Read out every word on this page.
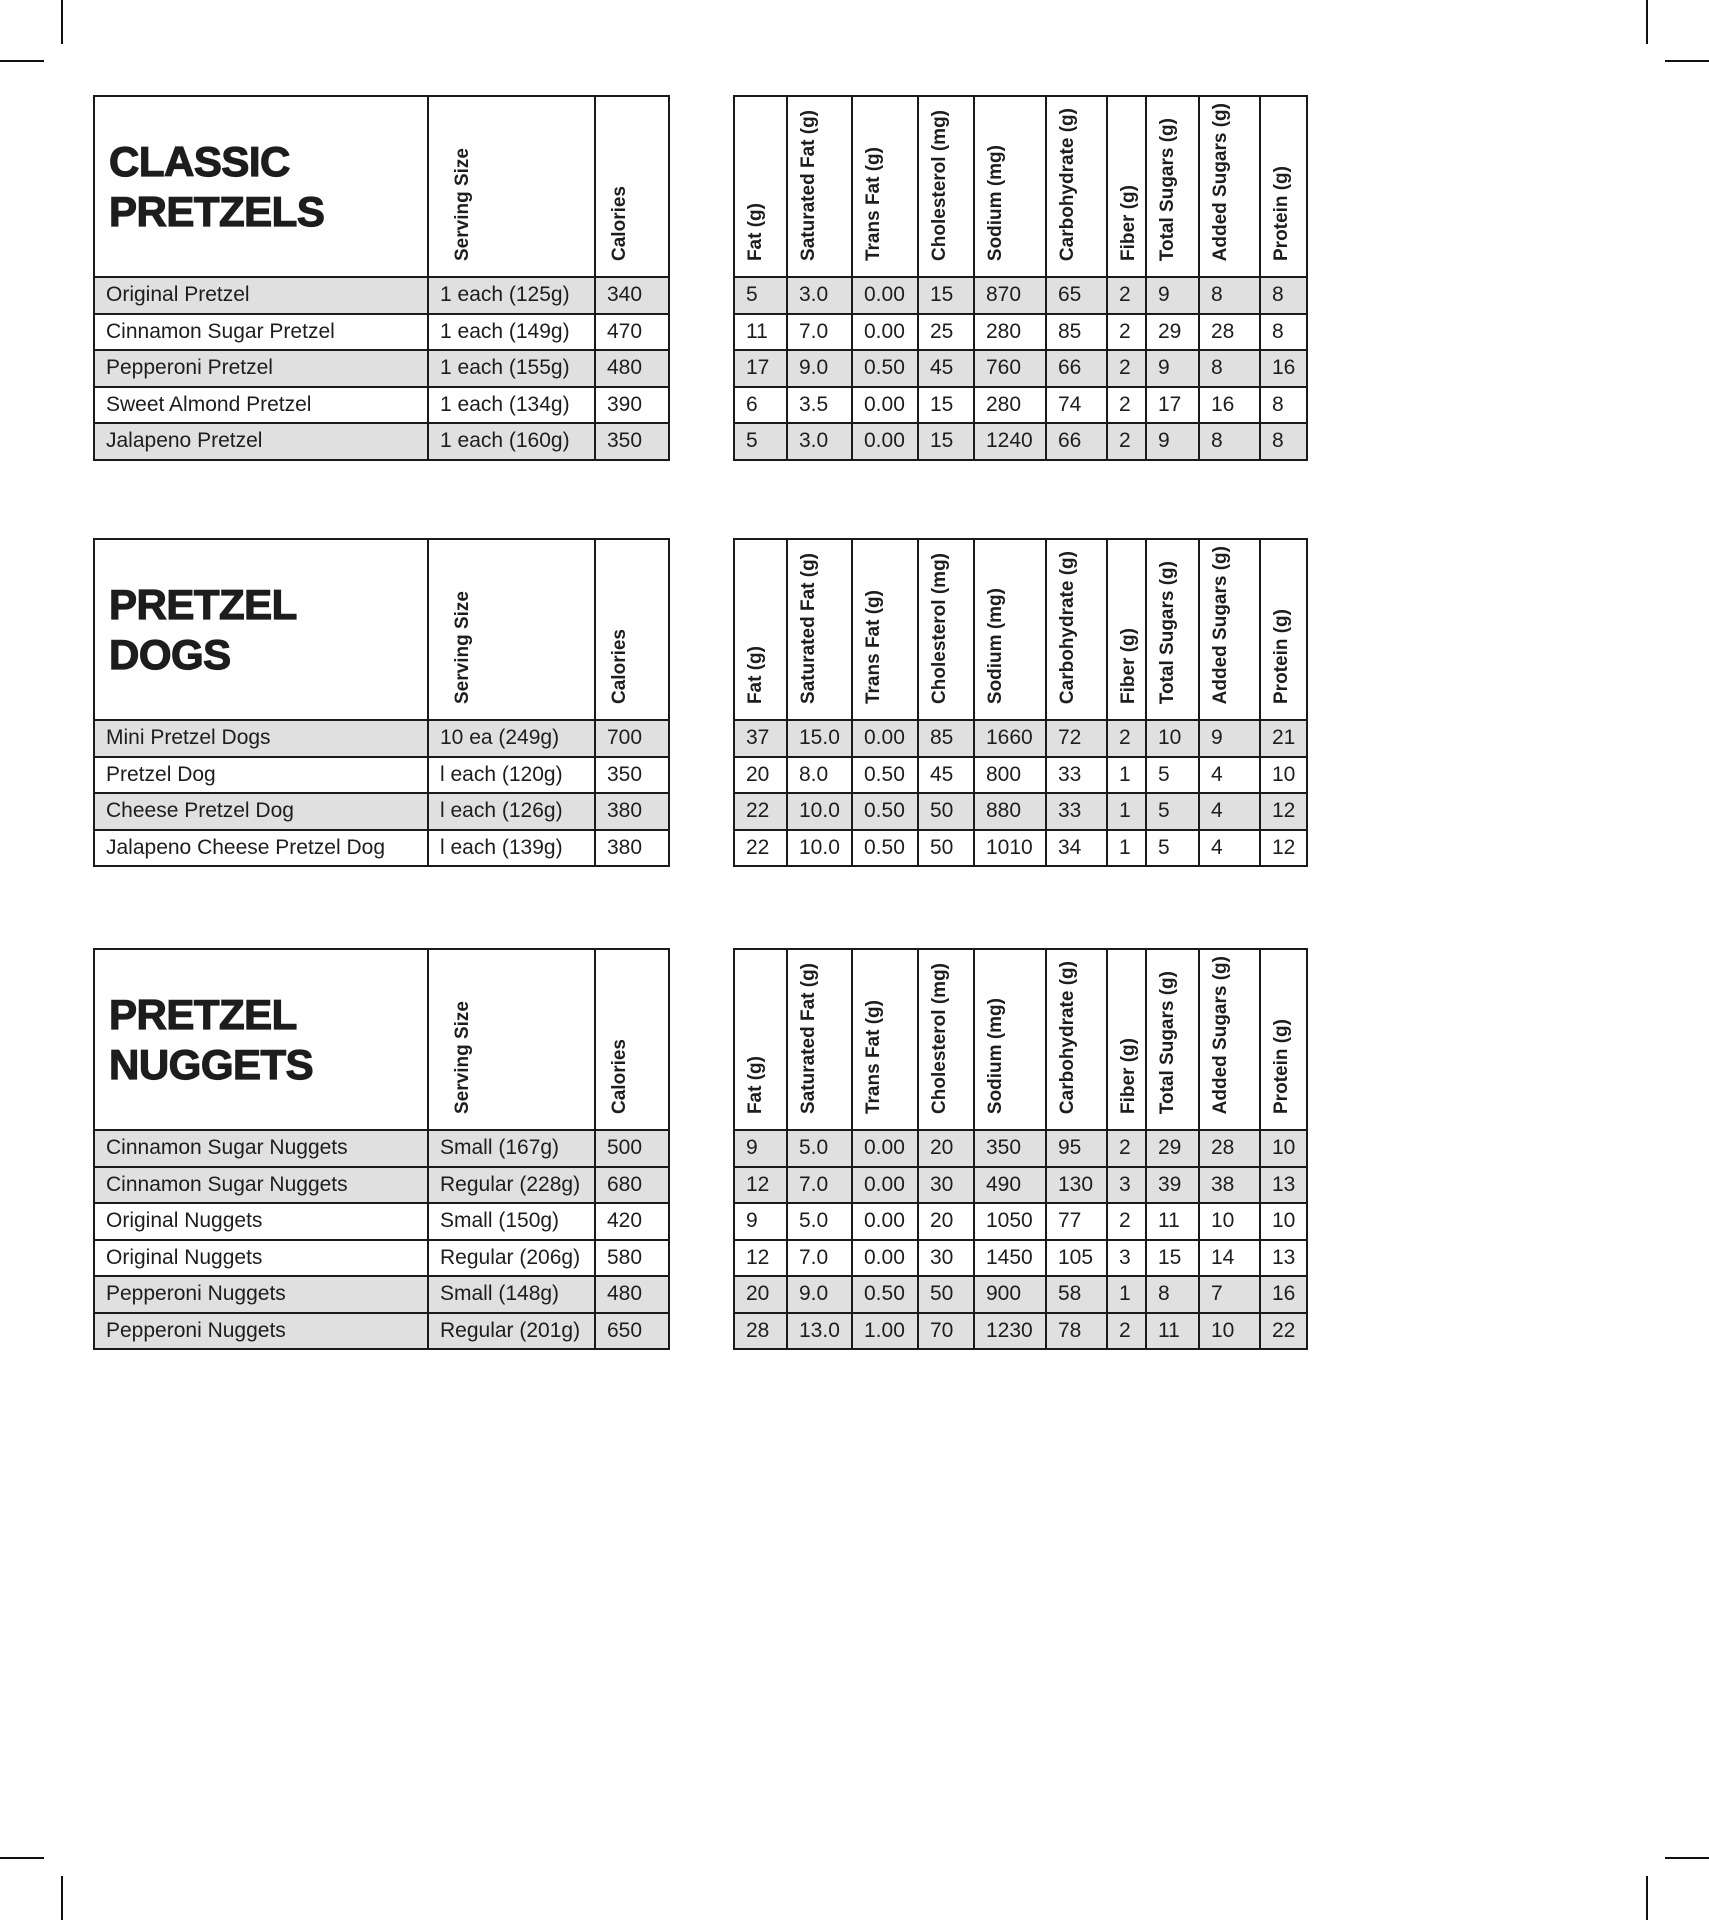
CLASSIC
PRETZELS	Serving Size	Calories
Original Pretzel	1 each (125g)	340
Cinnamon Sugar Pretzel	1 each (149g)	470
Pepperoni Pretzel	1 each (155g)	480
Sweet Almond Pretzel	1 each (134g)	390
Jalapeno Pretzel	1 each (160g)	350
Fat (g)	Saturated Fat (g)	Trans Fat (g)	Cholesterol (mg)	Sodium (mg)	Carbohydrate (g)	Fiber (g)	Total Sugars (g)	Added Sugars (g)	Protein (g)
5	3.0	0.00	15	870	65	2	9	8	8
11	7.0	0.00	25	280	85	2	29	28	8
17	9.0	0.50	45	760	66	2	9	8	16
6	3.5	0.00	15	280	74	2	17	16	8
5	3.0	0.00	15	1240	66	2	9	8	8
PRETZEL
DOGS	Serving Size	Calories
Mini Pretzel Dogs	10 ea (249g)	700
Pretzel Dog	l each (120g)	350
Cheese Pretzel Dog	l each (126g)	380
Jalapeno Cheese Pretzel Dog	l each (139g)	380
Fat (g)	Saturated Fat (g)	Trans Fat (g)	Cholesterol (mg)	Sodium (mg)	Carbohydrate (g)	Fiber (g)	Total Sugars (g)	Added Sugars (g)	Protein (g)
37	15.0	0.00	85	1660	72	2	10	9	21
20	8.0	0.50	45	800	33	1	5	4	10
22	10.0	0.50	50	880	33	1	5	4	12
22	10.0	0.50	50	1010	34	1	5	4	12
PRETZEL
NUGGETS	Serving Size	Calories
Cinnamon Sugar Nuggets	Small (167g)	500
Cinnamon Sugar Nuggets	Regular (228g)	680
Original Nuggets	Small (150g)	420
Original Nuggets	Regular (206g)	580
Pepperoni Nuggets	Small (148g)	480
Pepperoni Nuggets	Regular (201g)	650
Fat (g)	Saturated Fat (g)	Trans Fat (g)	Cholesterol (mg)	Sodium (mg)	Carbohydrate (g)	Fiber (g)	Total Sugars (g)	Added Sugars (g)	Protein (g)
9	5.0	0.00	20	350	95	2	29	28	10
12	7.0	0.00	30	490	130	3	39	38	13
9	5.0	0.00	20	1050	77	2	11	10	10
12	7.0	0.00	30	1450	105	3	15	14	13
20	9.0	0.50	50	900	58	1	8	7	16
28	13.0	1.00	70	1230	78	2	11	10	22
